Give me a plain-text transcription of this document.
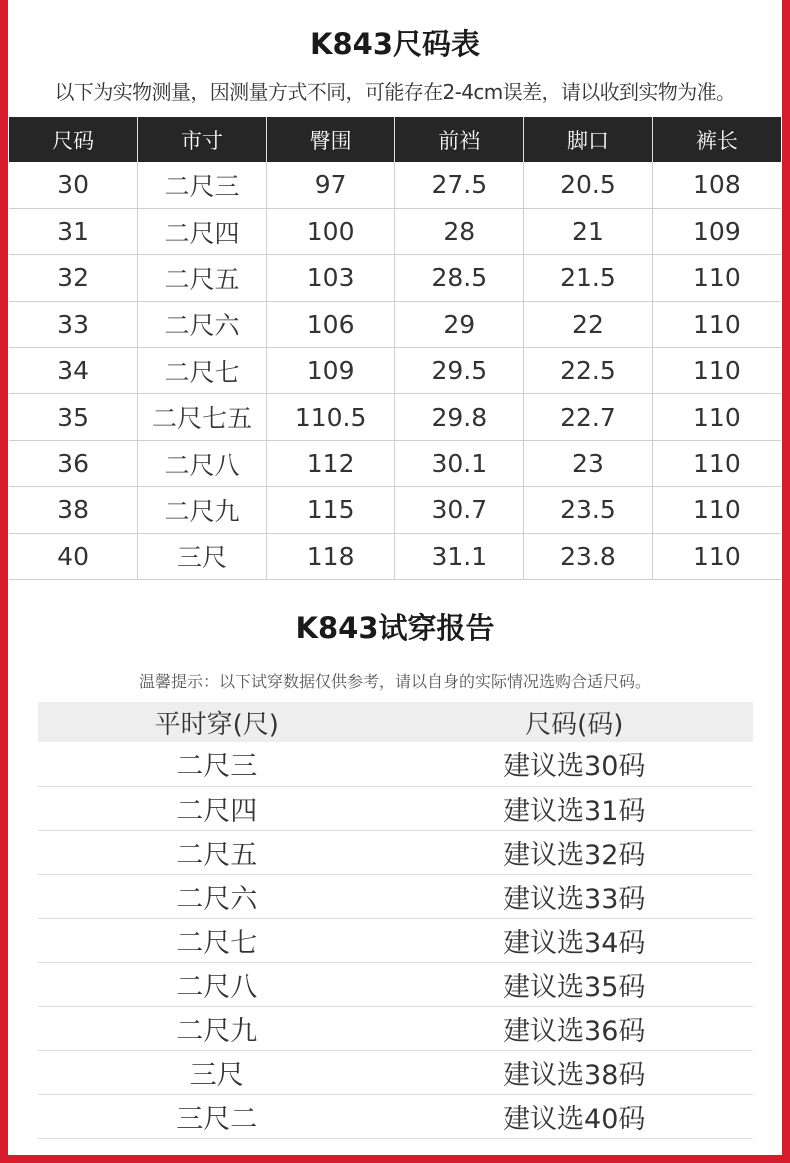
K843尺码表
以下为实物测量，因测量方式不同，可能存在2-4cm误差，请以收到实物为准。
尺码	市寸	臀围	前裆	脚口	裤长
30	二尺三	97	27.5	20.5	108
31	二尺四	100	28	21	109
32	二尺五	103	28.5	21.5	110
33	二尺六	106	29	22	110
34	二尺七	109	29.5	22.5	110
35	二尺七五	110.5	29.8	22.7	110
36	二尺八	112	30.1	23	110
38	二尺九	115	30.7	23.5	110
40	三尺	118	31.1	23.8	110
K843试穿报告
温馨提示：以下试穿数据仅供参考，请以自身的实际情况选购合适尺码。
平时穿(尺)	尺码(码)
二尺三	建议选30码
二尺四	建议选31码
二尺五	建议选32码
二尺六	建议选33码
二尺七	建议选34码
二尺八	建议选35码
二尺九	建议选36码
三尺	建议选38码
三尺二	建议选40码
